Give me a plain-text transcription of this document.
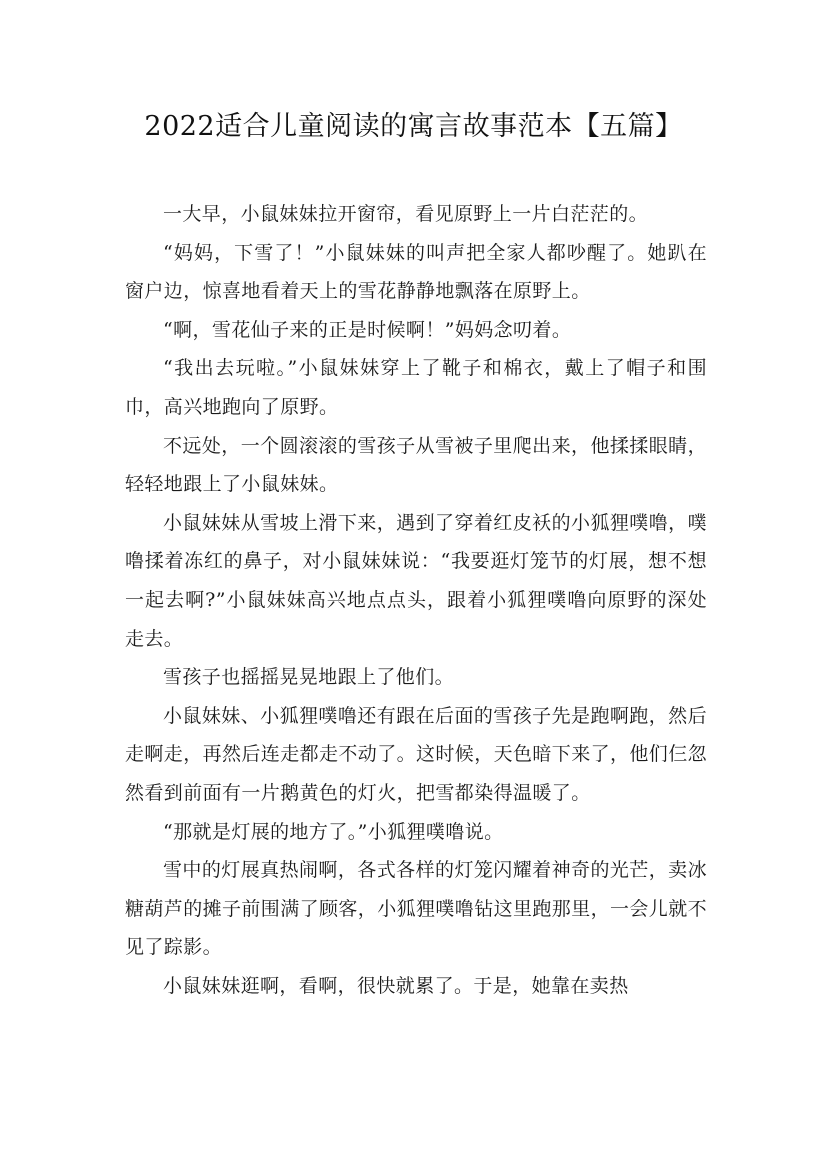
2022适合儿童阅读的寓言故事范本【五篇】

一大早，小鼠妹妹拉开窗帘，看见原野上一片白茫茫的。

“妈妈，下雪了！”小鼠妹妹的叫声把全家人都吵醒了。她趴在窗户边，惊喜地看着天上的雪花静静地飘落在原野上。

“啊，雪花仙子来的正是时候啊！”妈妈念叨着。

“我出去玩啦。”小鼠妹妹穿上了靴子和棉衣，戴上了帽子和围巾，高兴地跑向了原野。

不远处，一个圆滚滚的雪孩子从雪被子里爬出来，他揉揉眼睛，轻轻地跟上了小鼠妹妹。

小鼠妹妹从雪坡上滑下来，遇到了穿着红皮袄的小狐狸噗噜，噗噜揉着冻红的鼻子，对小鼠妹妹说：“我要逛灯笼节的灯展，想不想一起去啊?”小鼠妹妹高兴地点点头，跟着小狐狸噗噜向原野的深处走去。

雪孩子也摇摇晃晃地跟上了他们。

小鼠妹妹、小狐狸噗噜还有跟在后面的雪孩子先是跑啊跑，然后走啊走，再然后连走都走不动了。这时候，天色暗下来了，他们仨忽然看到前面有一片鹅黄色的灯火，把雪都染得温暖了。

“那就是灯展的地方了。”小狐狸噗噜说。

雪中的灯展真热闹啊，各式各样的灯笼闪耀着神奇的光芒，卖冰糖葫芦的摊子前围满了顾客，小狐狸噗噜钻这里跑那里，一会儿就不见了踪影。

小鼠妹妹逛啊，看啊，很快就累了。于是，她靠在卖热
